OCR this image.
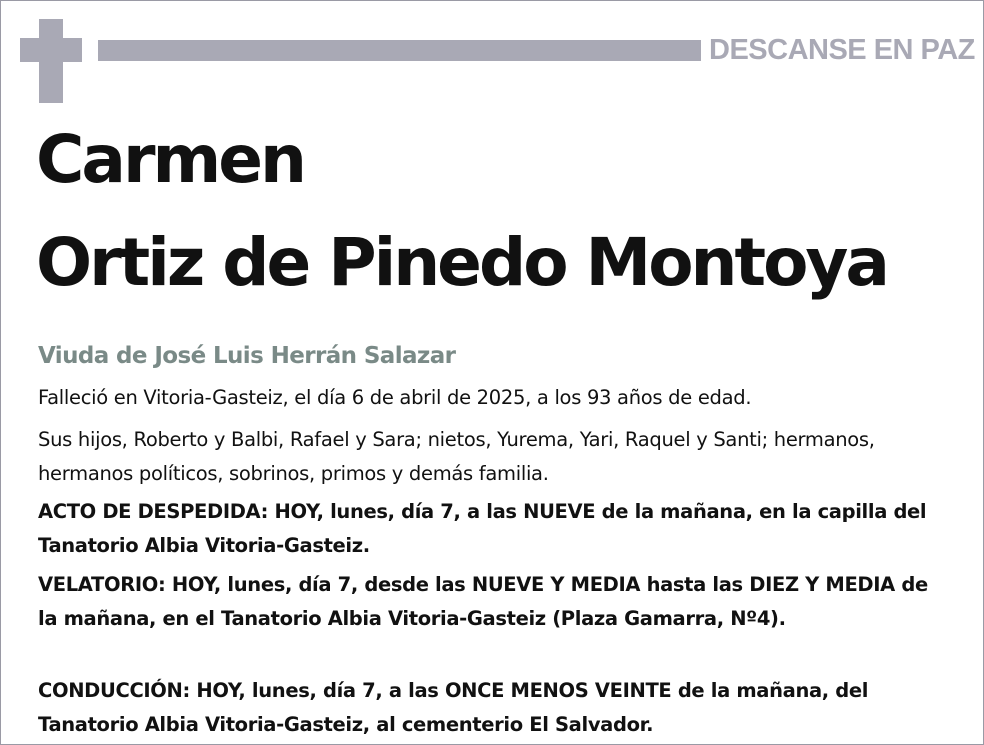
DESCANSE EN PAZ
Carmen
Ortiz de Pinedo Montoya
Viuda de José Luis Herrán Salazar
Falleció en Vitoria-Gasteiz, el día 6 de abril de 2025, a los 93 años de edad.
Sus hijos, Roberto y Balbi, Rafael y Sara; nietos, Yurema, Yari, Raquel y Santi; hermanos, hermanos políticos, sobrinos, primos y demás familia.
ACTO DE DESPEDIDA: HOY, lunes, día 7, a las NUEVE de la mañana, en la capilla del Tanatorio Albia Vitoria-Gasteiz.
VELATORIO: HOY, lunes, día 7, desde las NUEVE Y MEDIA hasta las DIEZ Y MEDIA de la mañana, en el Tanatorio Albia Vitoria-Gasteiz (Plaza Gamarra, Nº4).
CONDUCCIÓN: HOY, lunes, día 7, a las ONCE MENOS VEINTE de la mañana, del Tanatorio Albia Vitoria-Gasteiz, al cementerio El Salvador.
